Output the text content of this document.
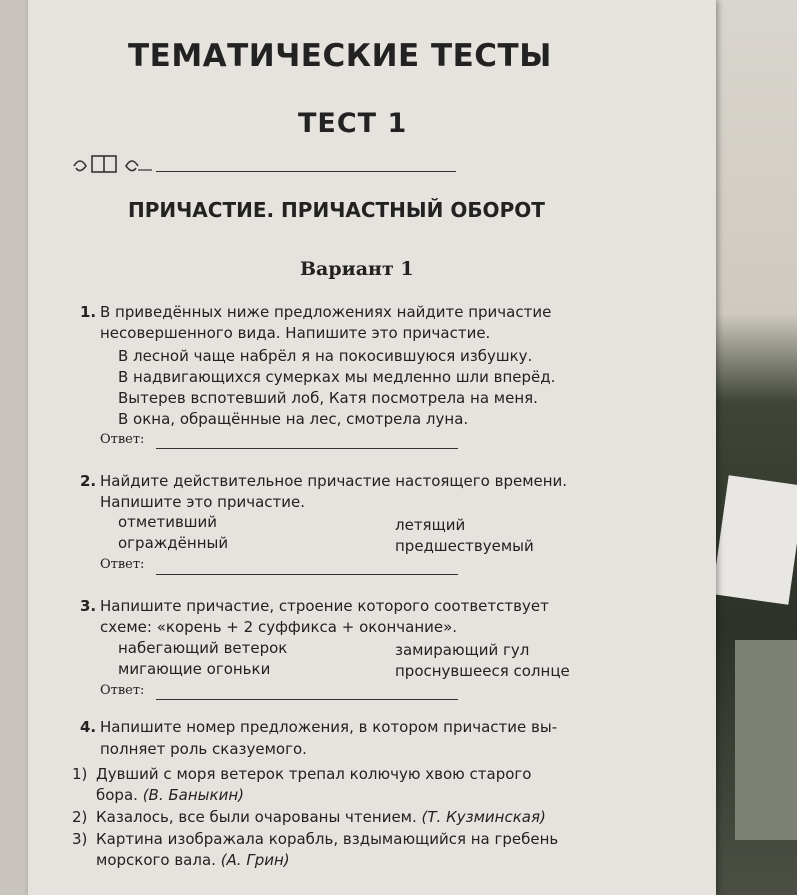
ТЕМАТИЧЕСКИЕ ТЕСТЫ
ТЕСТ 1
ПРИЧАСТИЕ. ПРИЧАСТНЫЙ ОБОРОТ
Вариант 1
1. В приведённых ниже предложениях найдите причастие
несовершенного вида. Напишите это причастие.
В лесной чаще набрёл я на покосившуюся избушку.
В надвигающихся сумерках мы медленно шли вперёд.
Вытерев вспотевший лоб, Катя посмотрела на меня.
В окна, обращённые на лес, смотрела луна.
Ответ:
2. Найдите действительное причастие настоящего времени.
Напишите это причастие.
отметивший	летящий
ограждённый	предшествуемый
Ответ:
3. Напишите причастие, строение которого соответствует
схеме: «корень + 2 суффикса + окончание».
набегающий ветерок	замирающий гул
мигающие огоньки	проснувшееся солнце
Ответ:
4. Напишите номер предложения, в котором причастие вы-
полняет роль сказуемого.
1) Дувший с моря ветерок трепал колючую хвою старого
бора. (В. Баныкин)
2) Казалось, все были очарованы чтением. (Т. Кузминская)
3) Картина изображала корабль, вздымающийся на гребень
морского вала. (А. Грин)
